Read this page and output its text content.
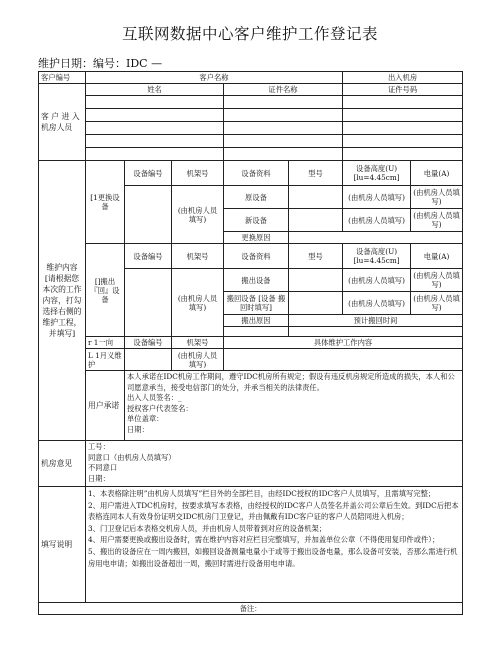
互联网数据中心客户维护工作登记表
维护日期：编号：IDC —
客户编号	客户名称					出入机房	
客 户 进 入机房人员	姓名			证件名称		证件号码	

维护内容[请根据您本次的工作内容，打勾选择右侧的维护工程，并填写]	[1更换设备	设备编号	机架号	设备资料	型号	设备高度(U)[lu=4.45cm]	电量(A)
			(由机房人员 填写)	原设备		(由机房人员填写)	(由机房人员填写)
				新设备		(由机房人员填写)	(由机房人员填写)
				更换原因			
	[]搬出『回』设备	设备编号	机架号	设备资料	型号	设备高度(U)[lu=4.45cm]	电量(A)
			(由机房人员 填写)	搬出设备		(由机房人员填写)	(由机房人员填写)
				搬回设备 [设备 搬回时填写]		(由机房人员填写)	(由机房人员填写)
				搬出原因	预计搬回时间		

	r 1一向	设备编号	机架号	具体维护工作内容			
	L 1月义维护		(由机房人员 填写)				
	用户承诺	本人承诺在IDC机房工作期间，遵守IDC机房所有规定；假设有违反机房规定所造成的损失，本人和公司愿意承当，接受电信部门的处分，并承当相关的法律责任。
出入人员签名：_
授权客户代表签名：
单位盖章：
日期：					

机房意见	工号：
同意口（由机房人员填写）
不同意口
日期：						

填写说明	1、本表格除注明”由机房人员填写”栏目外的全部栏目，由经IDC授权的IDC客户人员填写，且需填写完整；
2、用户需进入TDC机房时，按要求填写本表格，由经授权的IDC客户人员签名并盖公司公章后生效。到IDC后把本表格连同本人有效身份证明交IDC机房门卫登记，并由佩戴有IDC客户证的客户人员陪同进入机房；
3、门卫登记后本表格交机房人员，并由机房人员带着到对应的设备机架；
4、用户需要更换或搬出设备时，需在维护内容对应栏目完整填写，并加盖单位公章（不得使用复印件或件）；
5、搬出的设备应在一周内搬回，如搬回设备测量电量小于或等于搬出设备电量，那么设备可安装，否那么需进行机房用电申请；如搬出设备超出一周，搬回时需进行设备用电申请。						

备注：							
